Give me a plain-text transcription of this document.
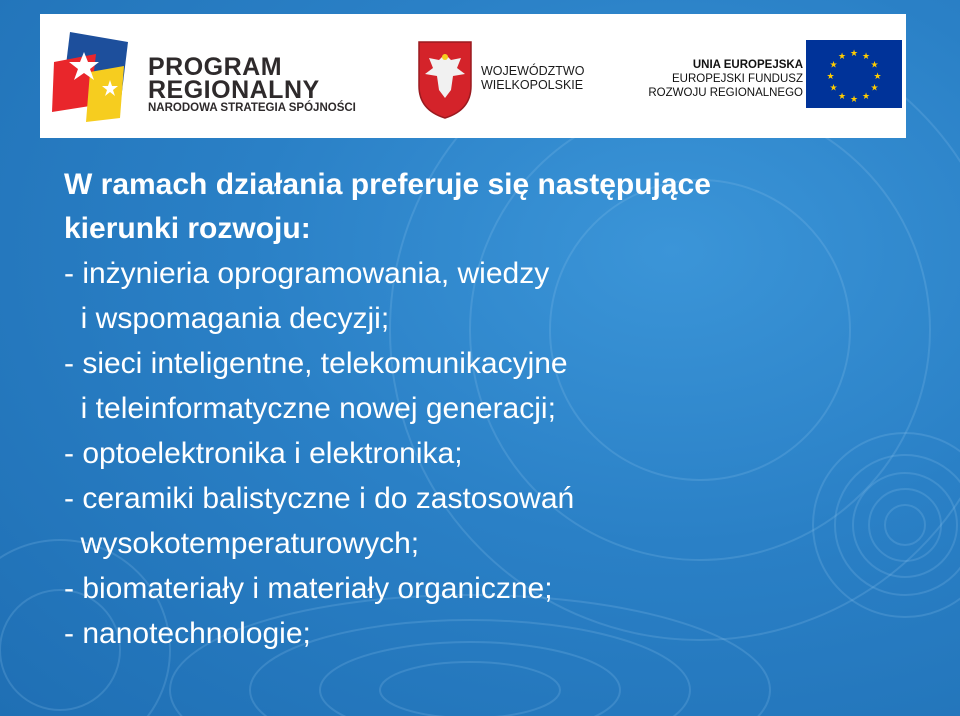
PROGRAM
REGIONALNY
NARODOWA STRATEGIA SPÓJNOŚCI
WOJEWÓDZTWO
WIELKOPOLSKIE
UNIA EUROPEJSKA
EUROPEJSKI FUNDUSZ
ROZWOJU REGIONALNEGO
★ ★
★
★
★
★
★
★
★
★
★
★

W ramach działania preferuje się następujące
kierunki rozwoju:

- inżynieria oprogramowania, wiedzy
i wspomagania decyzji;
- sieci inteligentne, telekomunikacyjne
i teleinformatyczne nowej generacji;
- optoelektronika i elektronika;
- ceramiki balistyczne i do zastosowań
wysokotemperaturowych;
- biomateriały i materiały organiczne;
- nanotechnologie;
